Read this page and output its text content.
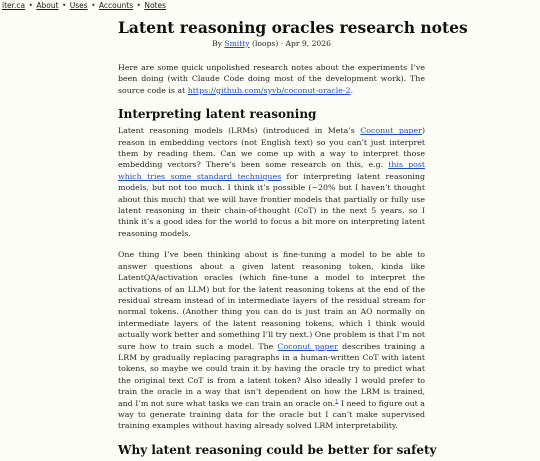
iter.ca • About • Uses • Accounts • Notes
Latent reasoning oracles research notes
By Smitty (loops) · Apr 9, 2026

Here are some quick unpolished research notes about the experiments I’ve been doing (with Claude Code doing most of the development work). The source code is at https://github.com/syvb/coconut-oracle-2.

Interpreting latent reasoning

Latent reasoning models (LRMs) (introduced in Meta’s Coconut paper) reason in embedding vectors (not English text) so you can’t just interpret them by reading them. Can we come up with a way to interpret those embedding vectors? There’s been some research on this, e.g. this post which tries some standard techniques for interpreting latent reasoning models, but not too much. I think it’s possible (~20% but I haven’t thought about this much) that we will have frontier models that partially or fully use latent reasoning in their chain-of-thought (CoT) in the next 5 years, so I think it’s a good idea for the world to focus a bit more on interpreting latent reasoning models.

One thing I’ve been thinking about is fine-tuning a model to be able to answer questions about a given latent reasoning token, kinda like LatentQA/activation oracles (which fine-tune a model to interpret the activations of an LLM) but for the latent reasoning tokens at the end of the residual stream instead of in intermediate layers of the residual stream for normal tokens. (Another thing you can do is just train an AO normally on intermediate layers of the latent reasoning tokens, which I think would actually work better and something I’ll try next.) One problem is that I’m not sure how to train such a model. The Coconut paper describes training a LRM by gradually replacing paragraphs in a human-written CoT with latent tokens, so maybe we could train it by having the oracle try to predict what the original text CoT is from a latent token? Also ideally I would prefer to train the oracle in a way that isn’t dependent on how the LRM is trained, and I’m not sure what tasks we can train an oracle on.$^1$ I need to figure out a way to generate training data for the oracle but I can’t make supervised training examples without having already solved LRM interpretability.

Why latent reasoning could be better for safety
